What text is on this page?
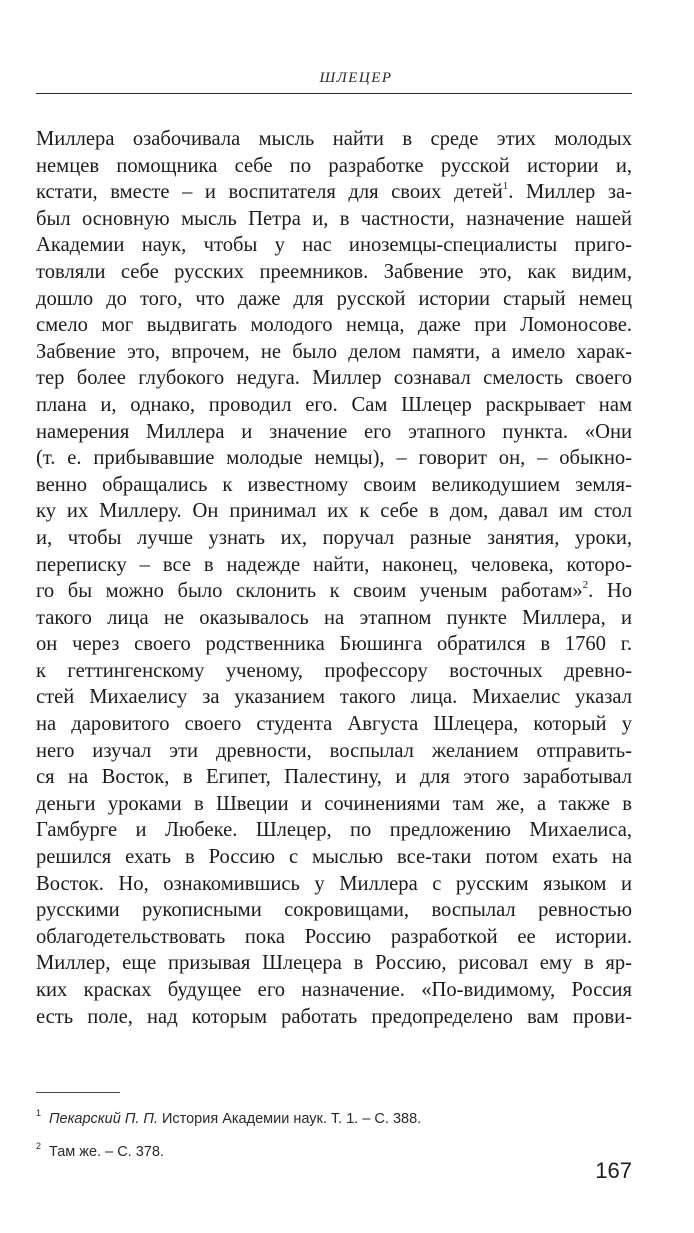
ШЛЕЦЕР
Миллера озабочивала мысль найти в среде этих молодых
немцев помощника себе по разработке русской истории и,
кстати, вместе – и воспитателя для своих детей$^1$. Миллер за-
был основную мысль Петра и, в частности, назначение нашей
Академии наук, чтобы у нас иноземцы-специалисты приго-
товляли себе русских преемников. Забвение это, как видим,
дошло до того, что даже для русской истории старый немец
смело мог выдвигать молодого немца, даже при Ломоносове.
Забвение это, впрочем, не было делом памяти, а имело харак-
тер более глубокого недуга. Миллер сознавал смелость своего
плана и, однако, проводил его. Сам Шлецер раскрывает нам
намерения Миллера и значение его этапного пункта. «Они
(т. е. прибывавшие молодые немцы), – говорит он, – обыкно-
венно обращались к известному своим великодушием земля-
ку их Миллеру. Он принимал их к себе в дом, давал им стол
и, чтобы лучше узнать их, поручал разные занятия, уроки,
переписку – все в надежде найти, наконец, человека, которо-
го бы можно было склонить к своим ученым работам»$^2$. Но
такого лица не оказывалось на этапном пункте Миллера, и
он через своего родственника Бюшинга обратился в 1760 г.
к геттингенскому ученому, профессору восточных древно-
стей Михаелису за указанием такого лица. Михаелис указал
на даровитого своего студента Августа Шлецера, который у
него изучал эти древности, воспылал желанием отправить-
ся на Восток, в Египет, Палестину, и для этого заработывал
деньги уроками в Швеции и сочинениями там же, а также в
Гамбурге и Любеке. Шлецер, по предложению Михаелиса,
решился ехать в Россию с мыслью все-таки потом ехать на
Восток. Но, ознакомившись у Миллера с русским языком и
русскими рукописными сокровищами, воспылал ревностью
облагодетельствовать пока Россию разработкой ее истории.
Миллер, еще призывая Шлецера в Россию, рисовал ему в яр-
ких красках будущее его назначение. «По-видимому, Россия
есть поле, над которым работать предопределено вам прови-
$^1$ Пекарский П. П. История Академии наук. Т. 1. – С. 388.
$^2$ Там же. – С. 378.
167
